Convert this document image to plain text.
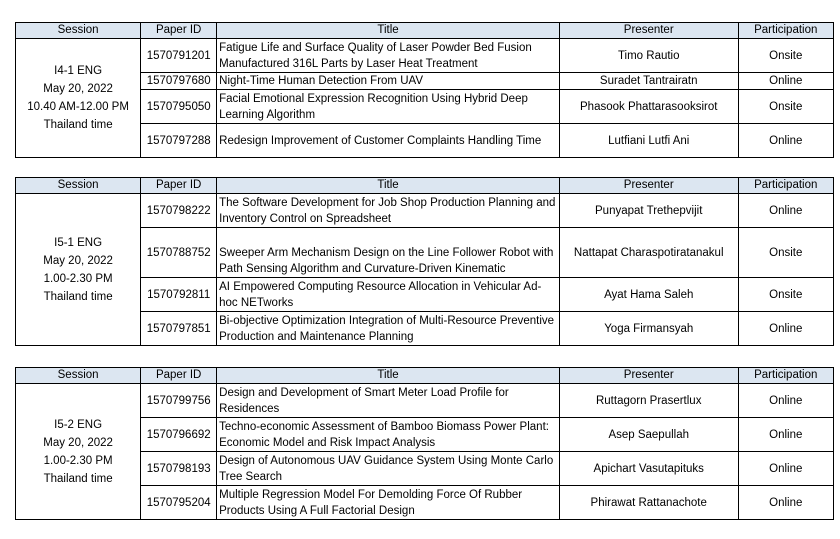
Session	Paper ID	Title	Presenter	Participation

I4-1 ENG
May 20, 2022
10.40 AM-12.00 PM
Thailand time	1570791201	Fatigue Life and Surface Quality of Laser Powder Bed Fusion Manufactured 316L Parts by Laser Heat Treatment	Timo Rautio	Onsite
	1570797680	Night-Time Human Detection From UAV	Suradet Tantrairatn	Online
	1570795050	Facial Emotional Expression Recognition Using Hybrid Deep Learning Algorithm	Phasook Phattarasooksirot	Onsite
	1570797288	Redesign Improvement of Customer Complaints Handling Time	Lutfiani Lutfi Ani	Online
Session	Paper ID	Title	Presenter	Participation

I5-1 ENG
May 20, 2022
1.00-2.30 PM
Thailand time	1570798222	The Software Development for Job Shop Production Planning and Inventory Control on Spreadsheet	Punyapat Trethepvijit	Online
	1570788752	Sweeper Arm Mechanism Design on the Line Follower Robot with Path Sensing Algorithm and Curvature-Driven Kinematic	Nattapat Charaspotiratanakul	Onsite
	1570792811	AI Empowered Computing Resource Allocation in Vehicular Ad-hoc NETworks	Ayat Hama Saleh	Onsite
	1570797851	Bi-objective Optimization Integration of Multi-Resource Preventive Production and Maintenance Planning	Yoga Firmansyah	Online
Session	Paper ID	Title	Presenter	Participation

I5-2 ENG
May 20, 2022
1.00-2.30 PM
Thailand time	1570799756	Design and Development of Smart Meter Load Profile for Residences	Ruttagorn Prasertlux	Online
	1570796692	Techno-economic Assessment of Bamboo Biomass Power Plant: Economic Model and Risk Impact Analysis	Asep Saepullah	Online
	1570798193	Design of Autonomous UAV Guidance System Using Monte Carlo Tree Search	Apichart Vasutapituks	Online
	1570795204	Multiple Regression Model For Demolding Force Of Rubber Products Using A Full Factorial Design	Phirawat Rattanachote	Online
